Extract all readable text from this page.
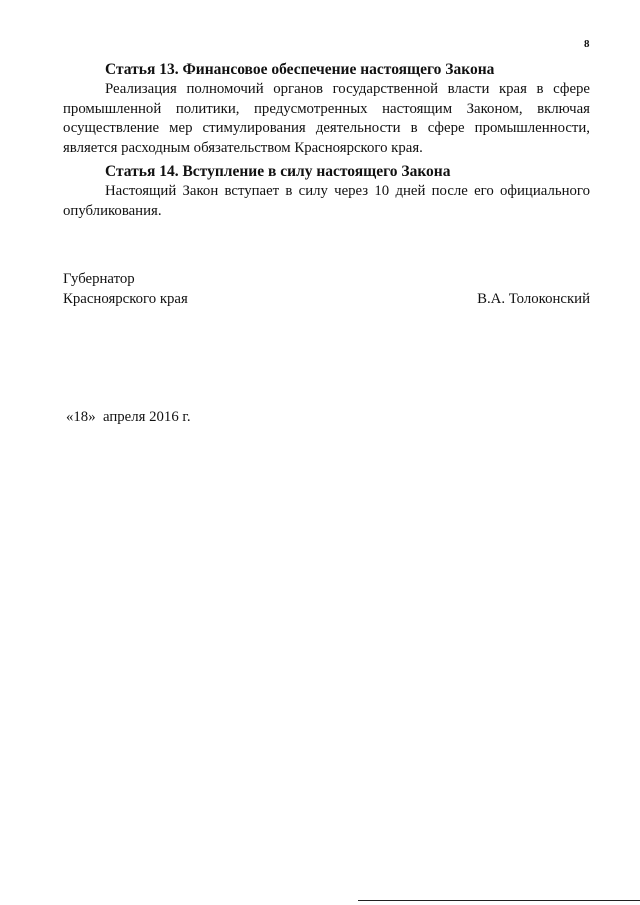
8

Статья 13. Финансовое обеспечение настоящего Закона

Реализация полномочий органов государственной власти края в сфере промышленной политики, предусмотренных настоящим Законом, включая осуществление мер стимулирования деятельности в сфере промышленности, является расходным обязательством Красноярского края.

Статья 14. Вступление в силу настоящего Закона

Настоящий Закон вступает в силу через 10 дней после его официального опубликования.

Губернатор
Красноярского края	В.А. Толоконский
«18»  апреля 2016 г.
